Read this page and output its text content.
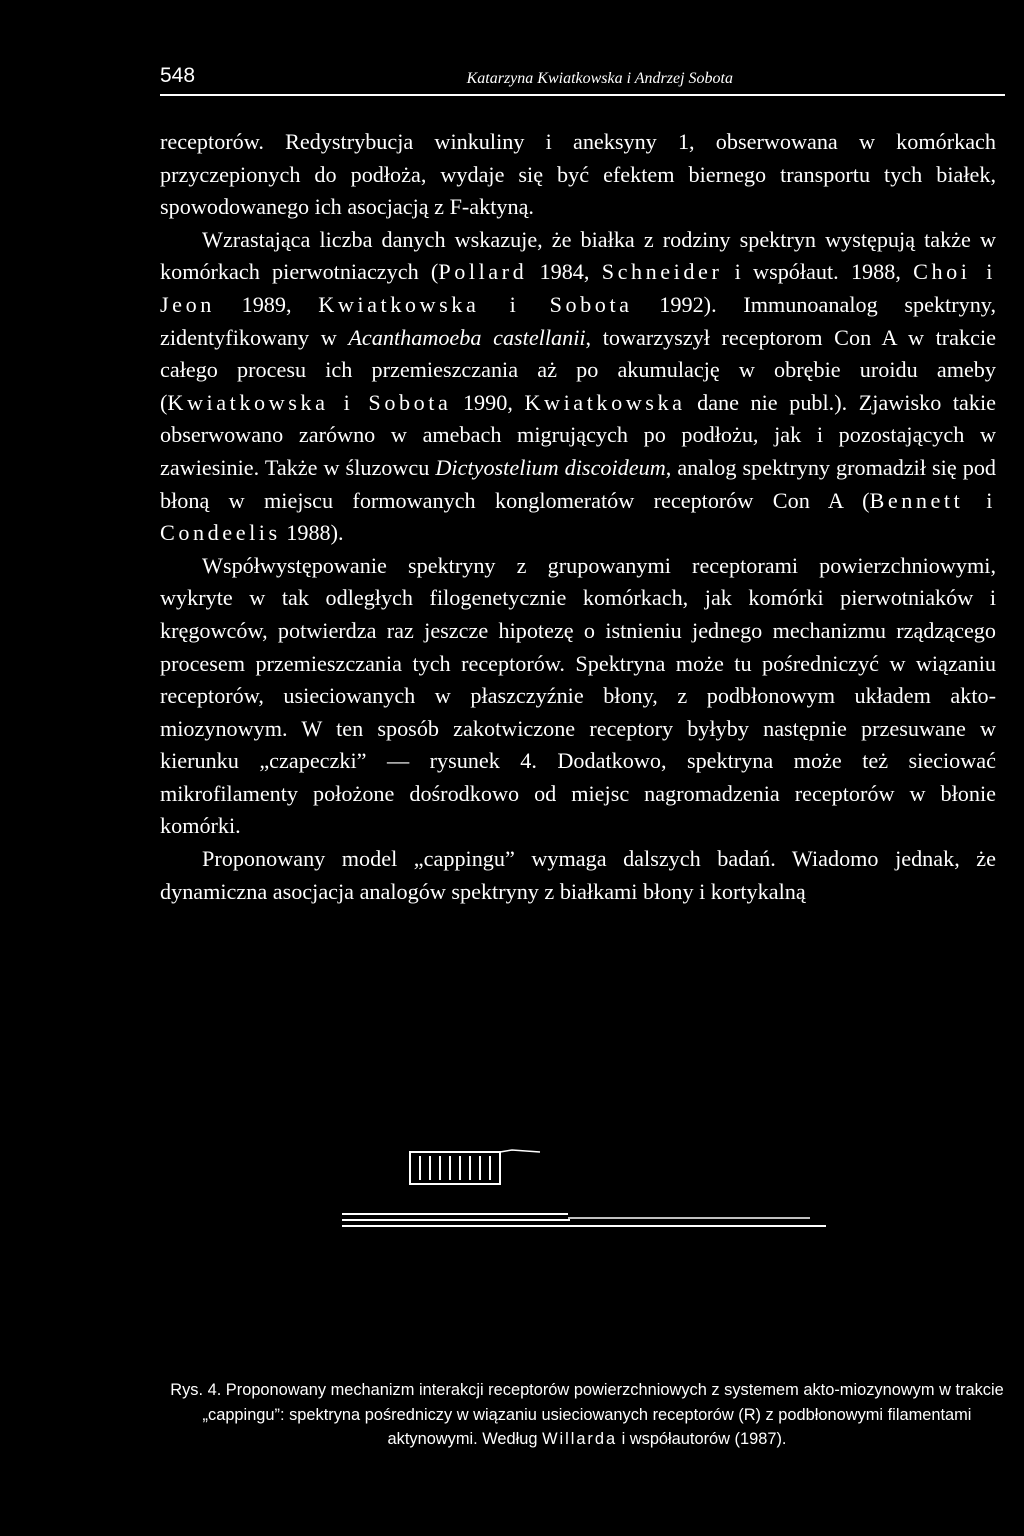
548	Katarzyna Kwiatkowska i Andrzej Sobota

receptorów. Redystrybucja winkuliny i aneksyny 1, obserwowana w komórkach przyczepionych do podłoża, wydaje się być efektem biernego transportu tych białek, spowodowanego ich asocjacją z F-aktyną.

Wzrastająca liczba danych wskazuje, że białka z rodziny spektryn występują także w komórkach pierwotniaczych (Pollard 1984, Schneider i współaut. 1988, Choi i Jeon 1989, Kwiatkowska i Sobota 1992). Immunoanalog spektryny, zidentyfikowany w Acanthamoeba castellanii, towarzyszył receptorom Con A w trakcie całego procesu ich przemieszczania aż po akumulację w obrębie uroidu ameby (Kwiatkowska i Sobota 1990, Kwiatkowska dane nie publ.). Zjawisko takie obserwowano zarówno w amebach migrujących po podłożu, jak i pozostających w zawiesinie. Także w śluzowcu Dictyostelium discoideum, analog spektryny gromadził się pod błoną w miejscu formowanych konglomeratów receptorów Con A (Bennett i Condeelis 1988).

Współwystępowanie spektryny z grupowanymi receptorami powierzchniowymi, wykryte w tak odległych filogenetycznie komórkach, jak komórki pierwotniaków i kręgowców, potwierdza raz jeszcze hipotezę o istnieniu jednego mechanizmu rządzącego procesem przemieszczania tych receptorów. Spektryna może tu pośredniczyć w wiązaniu receptorów, usieciowanych w płaszczyźnie błony, z podbłonowym układem akto-miozynowym. W ten sposób zakotwiczone receptory byłyby następnie przesuwane w kierunku „czapeczki” — rysunek 4. Dodatkowo, spektryna może też sieciować mikrofilamenty położone dośrodkowo od miejsc nagromadzenia receptorów w błonie komórki.

Proponowany model „cappingu” wymaga dalszych badań. Wiadomo jednak, że dynamiczna asocjacja analogów spektryny z białkami błony i kortykalną

Rys. 4. Proponowany mechanizm interakcji receptorów powierzchniowych z systemem akto-miozynowym w trakcie „cappingu”: spektryna pośredniczy w wiązaniu usieciowanych receptorów (R) z podbłonowymi filamentami aktynowymi. Według Willarda i współautorów (1987).
